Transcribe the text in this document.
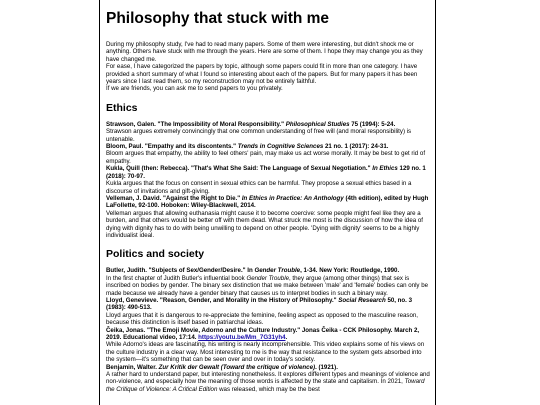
Philosophy that stuck with me

During my philosophy study, I've had to read many papers. Some of them were interesting, but didn't shock me or anything. Others have stuck with me through the years. Here are some of them. I hope they may change you as they have changed me.

For ease, I have categorized the papers by topic, although some papers could fit in more than one category. I have provided a short summary of what I found so interesting about each of the papers. But for many papers it has been years since I last read them, so my reconstruction may not be entirely faithful.

If we are friends, you can ask me to send papers to you privately.

Ethics

Strawson, Galen. "The Impossibility of Moral Responsibility." Philosophical Studies 75 (1994): 5-24.

Strawson argues extremely convincingly that one common understanding of free will (and moral responsibility) is untenable.

Bloom, Paul. "Empathy and its discontents." Trends in Cognitive Sciences 21 no. 1 (2017): 24-31.

Bloom argues that empathy, the ability to feel others' pain, may make us act worse morally. It may be best to get rid of empathy.

Kukla, Quill (then: Rebecca). "That's What She Said: The Language of Sexual Negotiation." In Ethics 129 no. 1 (2018): 70-97.

Kukla argues that the focus on consent in sexual ethics can be harmful. They propose a sexual ethics based in a discourse of invitations and gift-giving.

Velleman, J. David. "Against the Right to Die." In Ethics in Practice: An Anthology (4th edition), edited by Hugh LaFollette, 92-100. Hoboken: Wiley-Blackwell, 2014.

Velleman argues that allowing euthanasia might cause it to become coercive: some people might feel like they are a burden, and that others would be better off with them dead. What struck me most is the discussion of how the idea of dying with dignity has to do with being unwilling to depend on other people. 'Dying with dignity' seems to be a highly individualist ideal.

Politics and society

Butler, Judith. "Subjects of Sex/Gender/Desire." In Gender Trouble, 1-34. New York: Routledge, 1990.

In the first chapter of Judith Butler's influential book Gender Trouble, they argue (among other things) that sex is inscribed on bodies by gender. The binary sex distinction that we make between 'male' and 'female' bodies can only be made because we already have a gender binary that causes us to interpret bodies in such a binary way.

Lloyd, Genevieve. "Reason, Gender, and Morality in the History of Philosophy." Social Research 50, no. 3 (1983): 490-513.

Lloyd argues that it is dangerous to re-appreciate the feminine, feeling aspect as opposed to the masculine reason, because this distinction is itself based in patriarchal ideas.

Čeika, Jonas. "The Emoji Movie, Adorno and the Culture Industry." Jonas Čeika - CCK Philosophy. March 2, 2019. Educational video, 17:14. https://youtu.be/Mm_7G31yh4.

While Adorno's ideas are fascinating, his writing is nearly incomprehensible. This video explains some of his views on the culture industry in a clear way. Most interesting to me is the way that resistance to the system gets absorbed into the system—it's something that can be seen over and over in today's society.

Benjamin, Walter. Zur Kritik der Gewalt (Toward the critique of violence). (1921).

A rather hard to understand paper, but interesting nonetheless. It explores different types and meanings of violence and non-violence, and especially how the meaning of those words is affected by the state and capitalism. In 2021, Toward the Critique of Violence: A Critical Edition was released, which may be the best
